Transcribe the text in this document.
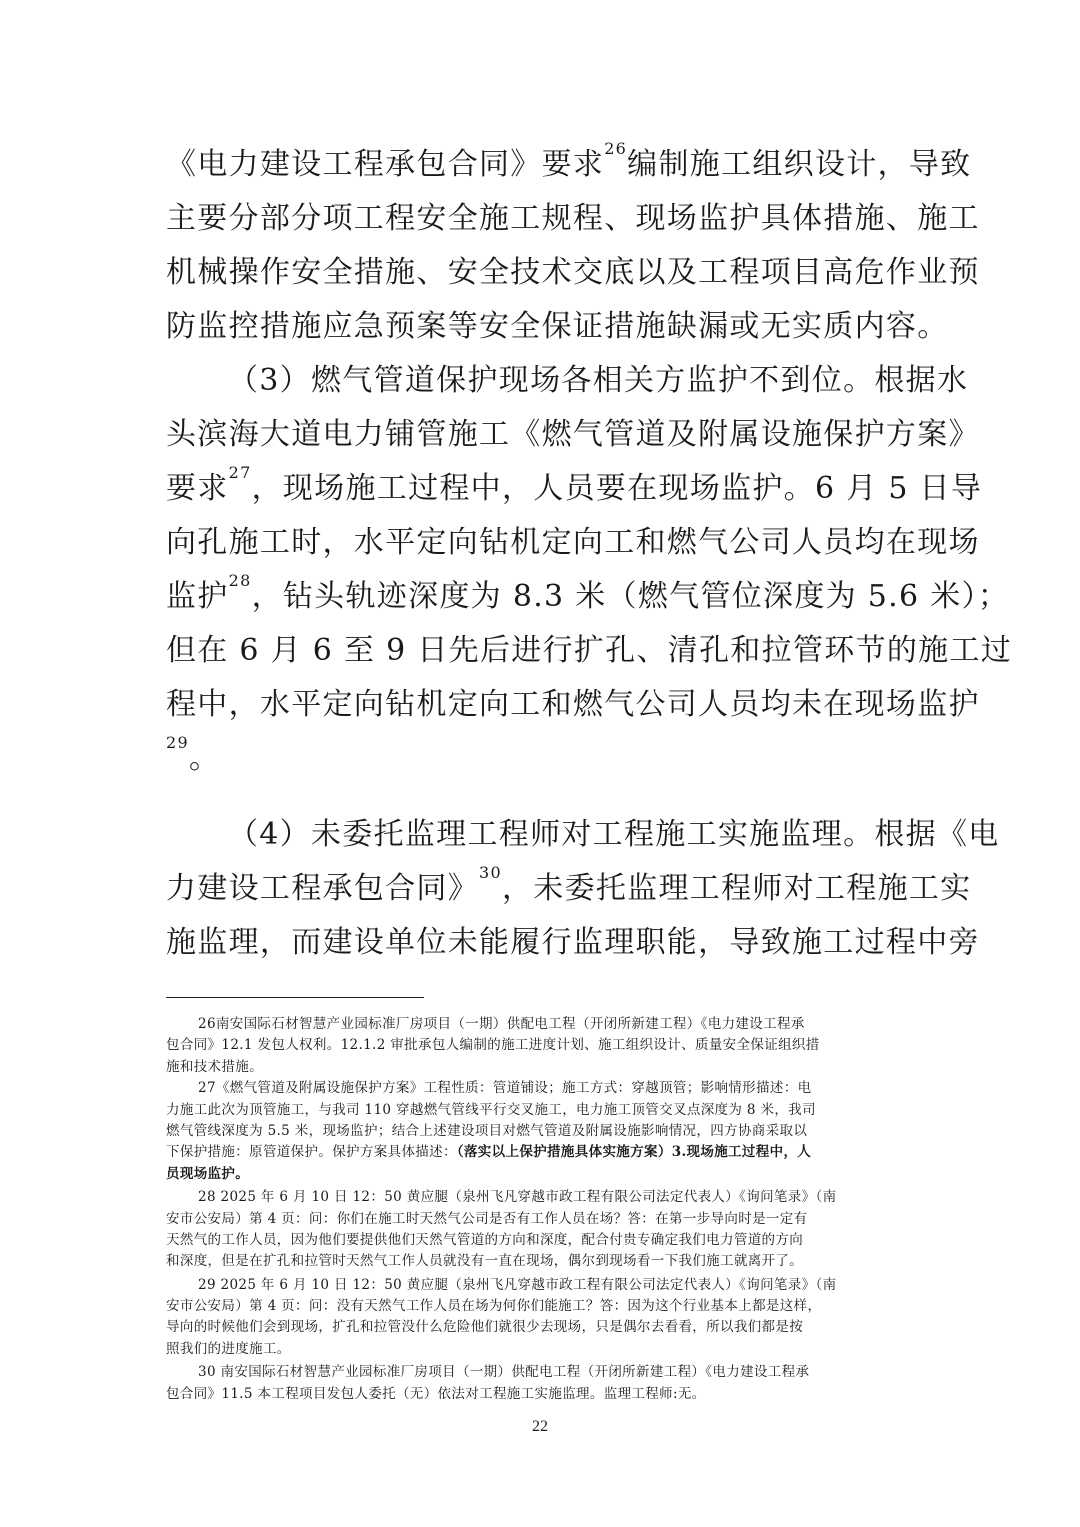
《电力建设工程承包合同》要求$^{26}$编制施工组织设计，导致
主要分部分项工程安全施工规程、现场监护具体措施、施工
机械操作安全措施、安全技术交底以及工程项目高危作业预
防监控措施应急预案等安全保证措施缺漏或无实质内容。
（3）燃气管道保护现场各相关方监护不到位。根据水
头滨海大道电力铺管施工《燃气管道及附属设施保护方案》
要求$^{27}$，现场施工过程中，人员要在现场监护。6 月 5 日导
向孔施工时，水平定向钻机定向工和燃气公司人员均在现场
监护$^{28}$，钻头轨迹深度为 8.3 米（燃气管位深度为 5.6 米）；
但在 6 月 6 至 9 日先后进行扩孔、清孔和拉管环节的施工过
程中，水平定向钻机定向工和燃气公司人员均未在现场监护
$^{29}$。
（4）未委托监理工程师对工程施工实施监理。根据《电
力建设工程承包合同》$^{30}$，未委托监理工程师对工程施工实
施监理，而建设单位未能履行监理职能，导致施工过程中旁
26南安国际石材智慧产业园标准厂房项目（一期）供配电工程（开闭所新建工程）《电力建设工程承
包合同》12.1 发包人权利。12.1.2 审批承包人编制的施工进度计划、施工组织设计、质量安全保证组织措
施和技术措施。
27《燃气管道及附属设施保护方案》工程性质：管道铺设；施工方式：穿越顶管；影响情形描述：电
力施工此次为顶管施工，与我司 110 穿越燃气管线平行交叉施工，电力施工顶管交叉点深度为 8 米，我司
燃气管线深度为 5.5 米，现场监护；结合上述建设项目对燃气管道及附属设施影响情况，四方协商采取以
下保护措施：原管道保护。保护方案具体描述：（落实以上保护措施具体实施方案）3.现场施工过程中，人
员现场监护。
28 2025 年 6 月 10 日 12：50 黄应腿（泉州飞凡穿越市政工程有限公司法定代表人）《询问笔录》（南
安市公安局）第 4 页：问：你们在施工时天然气公司是否有工作人员在场？答：在第一步导向时是一定有
天然气的工作人员，因为他们要提供他们天然气管道的方向和深度，配合付贵专确定我们电力管道的方向
和深度，但是在扩孔和拉管时天然气工作人员就没有一直在现场，偶尔到现场看一下我们施工就离开了。
29 2025 年 6 月 10 日 12：50 黄应腿（泉州飞凡穿越市政工程有限公司法定代表人）《询问笔录》（南
安市公安局）第 4 页：问：没有天然气工作人员在场为何你们能施工？答：因为这个行业基本上都是这样，
导向的时候他们会到现场，扩孔和拉管没什么危险他们就很少去现场，只是偶尔去看看，所以我们都是按
照我们的进度施工。
30 南安国际石材智慧产业园标准厂房项目（一期）供配电工程（开闭所新建工程）《电力建设工程承
包合同》11.5 本工程项目发包人委托（无）依法对工程施工实施监理。监理工程师:无。
22
